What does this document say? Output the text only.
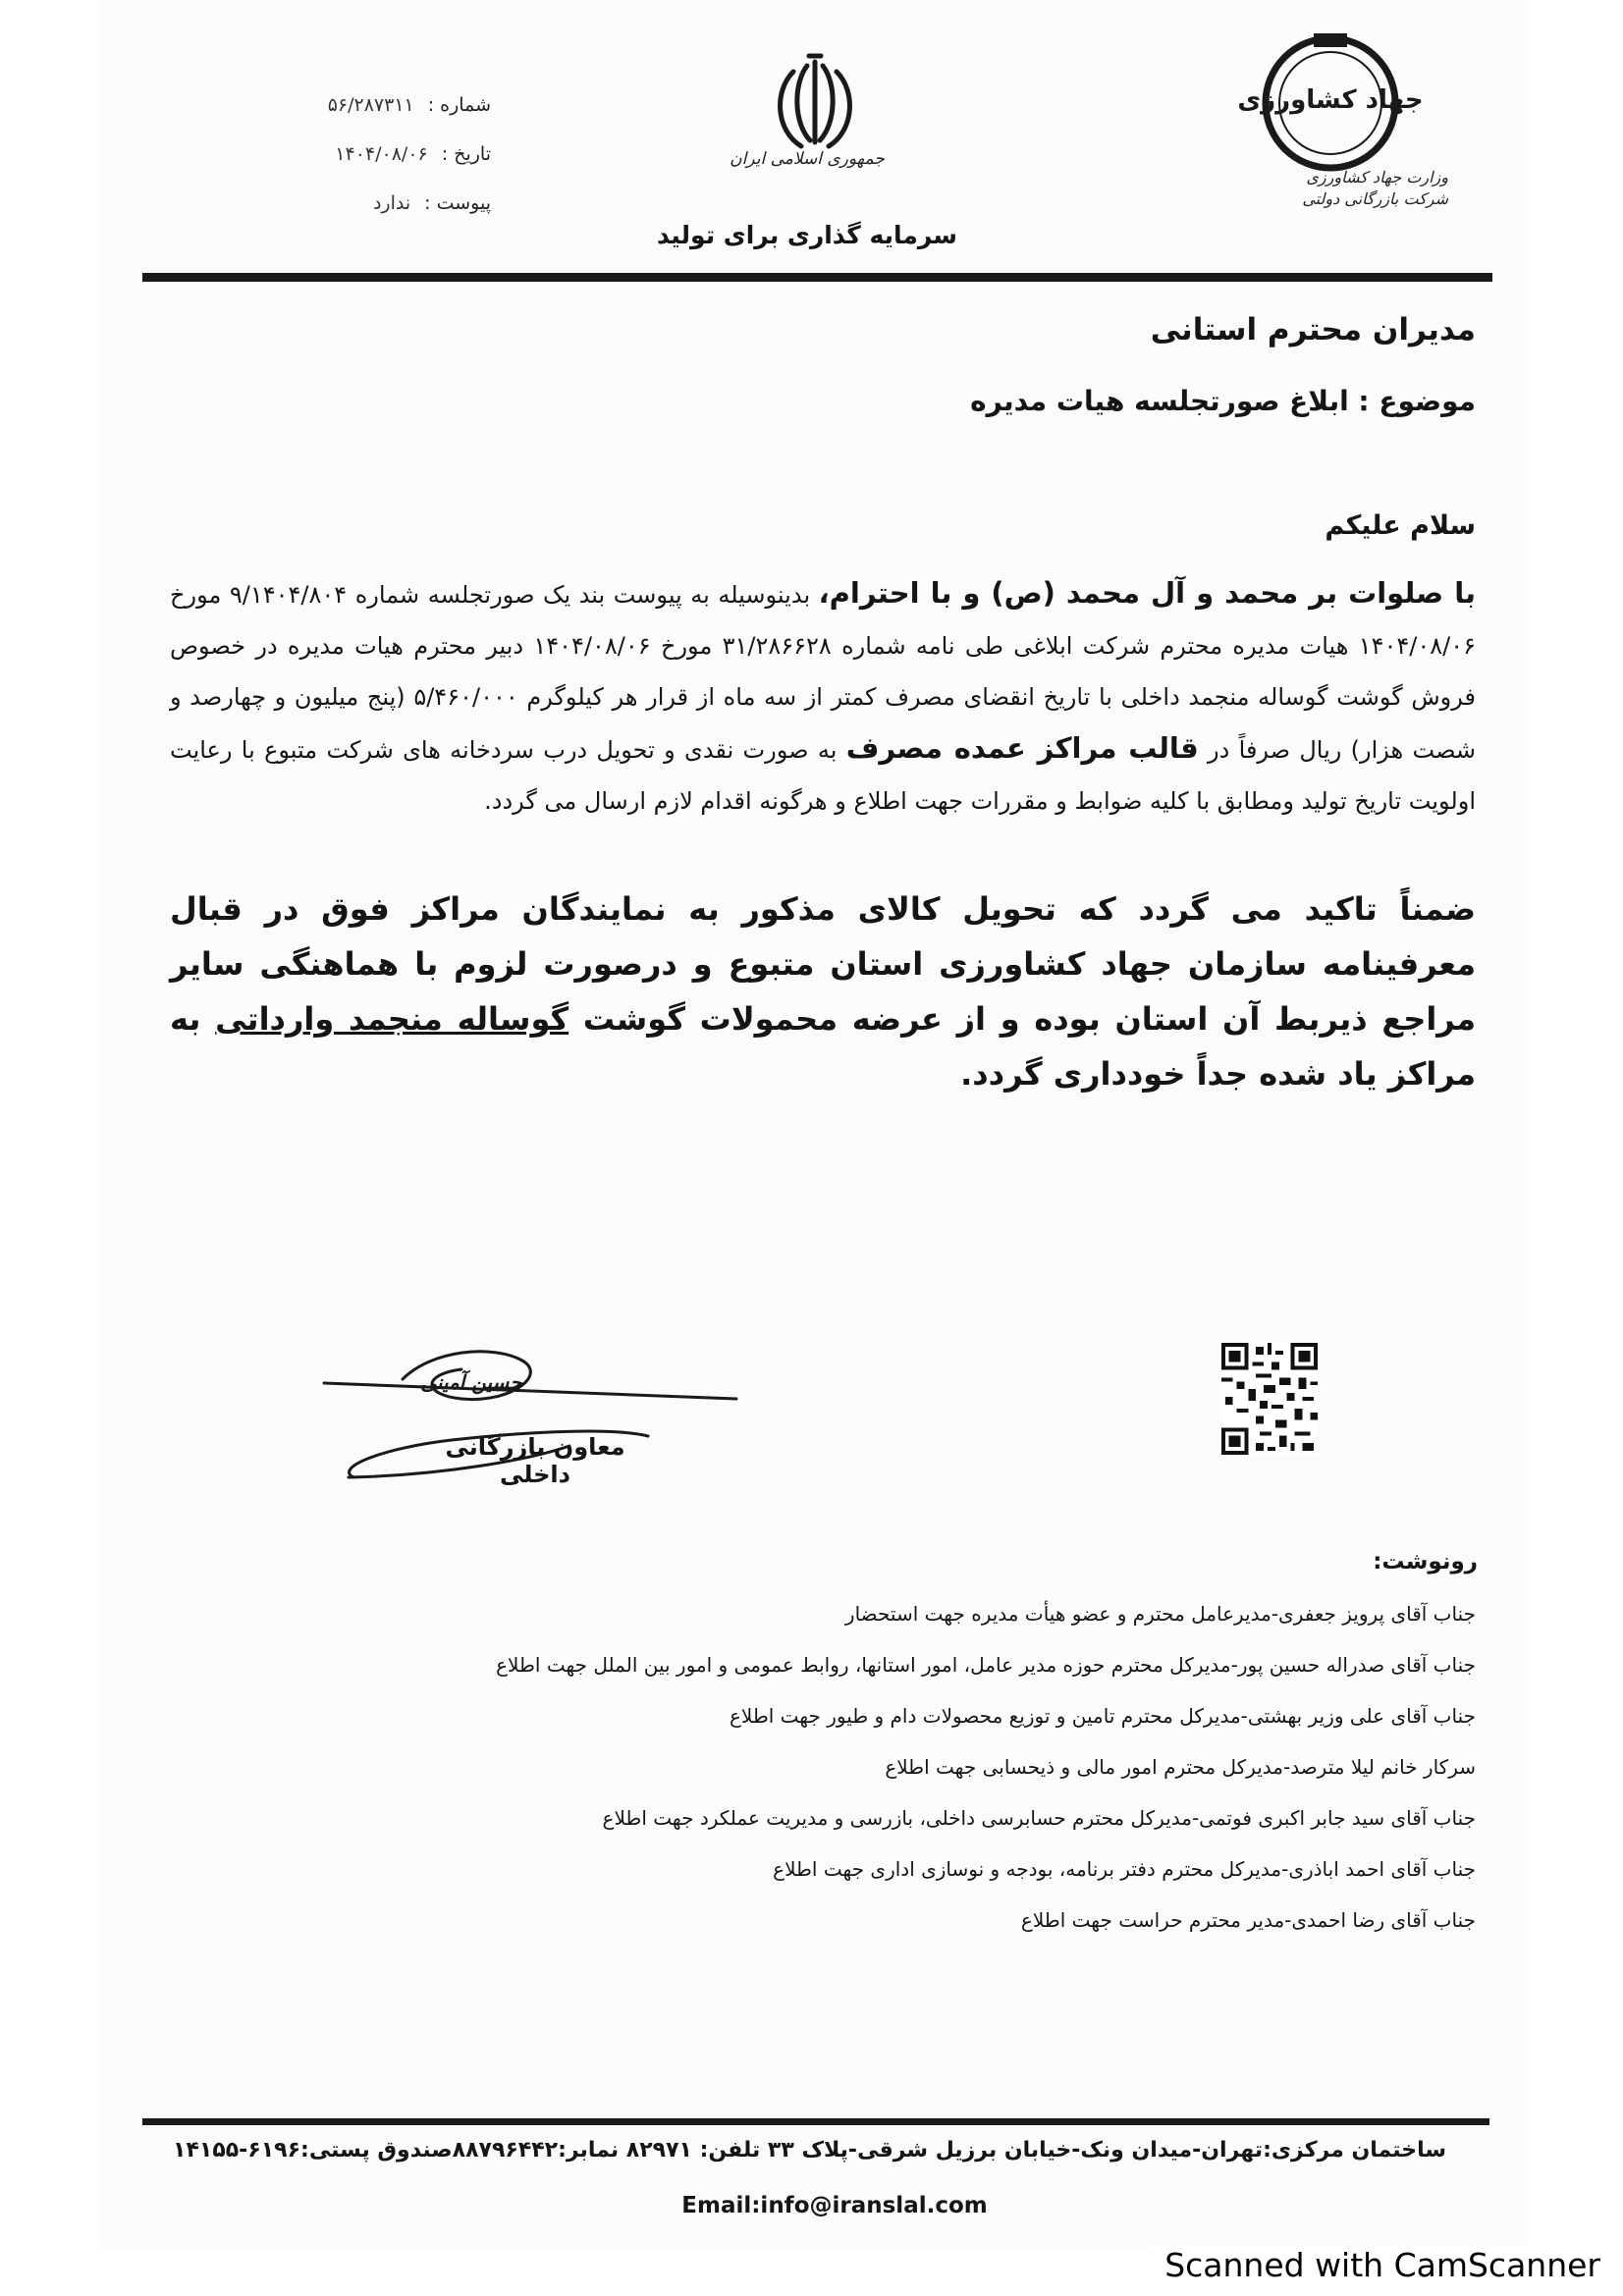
شماره :
۵۶/۲۸۷۳۱۱
تاریخ :
۱۴۰۴/۰۸/۰۶
پیوست :
ندارد
جمهوری اسلامی ایران
سرمایه گذاری برای تولید
جهاد کشاورزی
وزارت جهاد کشاورزی
شرکت بازرگانی دولتی
مدیران محترم استانی
موضوع : ابلاغ صورتجلسه هیات مدیره
سلام علیکم
با صلوات بر محمد و آل محمد (ص) و با احترام، بدینوسیله به پیوست بند یک صورتجلسه شماره ۹/۱۴۰۴/۸۰۴ مورخ ۱۴۰۴/۰۸/۰۶ هیات مدیره محترم شرکت ابلاغی طی نامه شماره ۳۱/۲۸۶۶۲۸ مورخ ۱۴۰۴/۰۸/۰۶ دبیر محترم هیات مدیره در خصوص فروش گوشت گوساله منجمد داخلی با تاریخ انقضای مصرف کمتر از سه ماه از قرار هر کیلوگرم ۵/۴۶۰/۰۰۰ (پنج میلیون و چهارصد و شصت هزار) ریال صرفاً در قالب مراکز عمده مصرف به صورت نقدی و تحویل درب سردخانه های شرکت متبوع با رعایت اولویت تاریخ تولید ومطابق با کلیه ضوابط و مقررات جهت اطلاع و هرگونه اقدام لازم ارسال می گردد.
ضمناً تاکید می گردد که تحویل کالای مذکور به نمایندگان مراکز فوق در قبال معرفینامه سازمان جهاد کشاورزی استان متبوع و درصورت لزوم با هماهنگی سایر مراجع ذیربط آن استان بوده و از عرضه محمولات گوشت گوساله منجمد وارداتی به مراکز یاد شده جداً خودداری گردد.
حسین آمینی
معاون بازرگانی داخلی
رونوشت:
جناب آقای پرویز جعفری-مدیرعامل محترم و عضو هیأت مدیره جهت استحضار
جناب آقای صدراله حسین پور-مدیرکل محترم حوزه مدیر عامل، امور استانها، روابط عمومی و امور بین الملل جهت اطلاع
جناب آقای علی وزیر بهشتی-مدیرکل محترم تامین و توزیع محصولات دام و طیور جهت اطلاع
سرکار خانم لیلا مترصد-مدیرکل محترم امور مالی و ذیحسابی جهت اطلاع
جناب آقای سید جابر اکبری فوتمی-مدیرکل محترم حسابرسی داخلی، بازرسی و مدیریت عملکرد جهت اطلاع
جناب آقای احمد اباذری-مدیرکل محترم دفتر برنامه، بودجه و نوسازی اداری جهت اطلاع
جناب آقای رضا احمدی-مدیر محترم حراست جهت اطلاع
ساختمان مرکزی:تهران-میدان ونک-خیابان برزیل شرقی-پلاک ۳۳ تلفن: ۸۲۹۷۱ نمابر:۸۸۷۹۶۴۴۲صندوق پستی:۶۱۹۶-۱۴۱۵۵
Email:info@iranslal.com
Scanned with CamScanner
